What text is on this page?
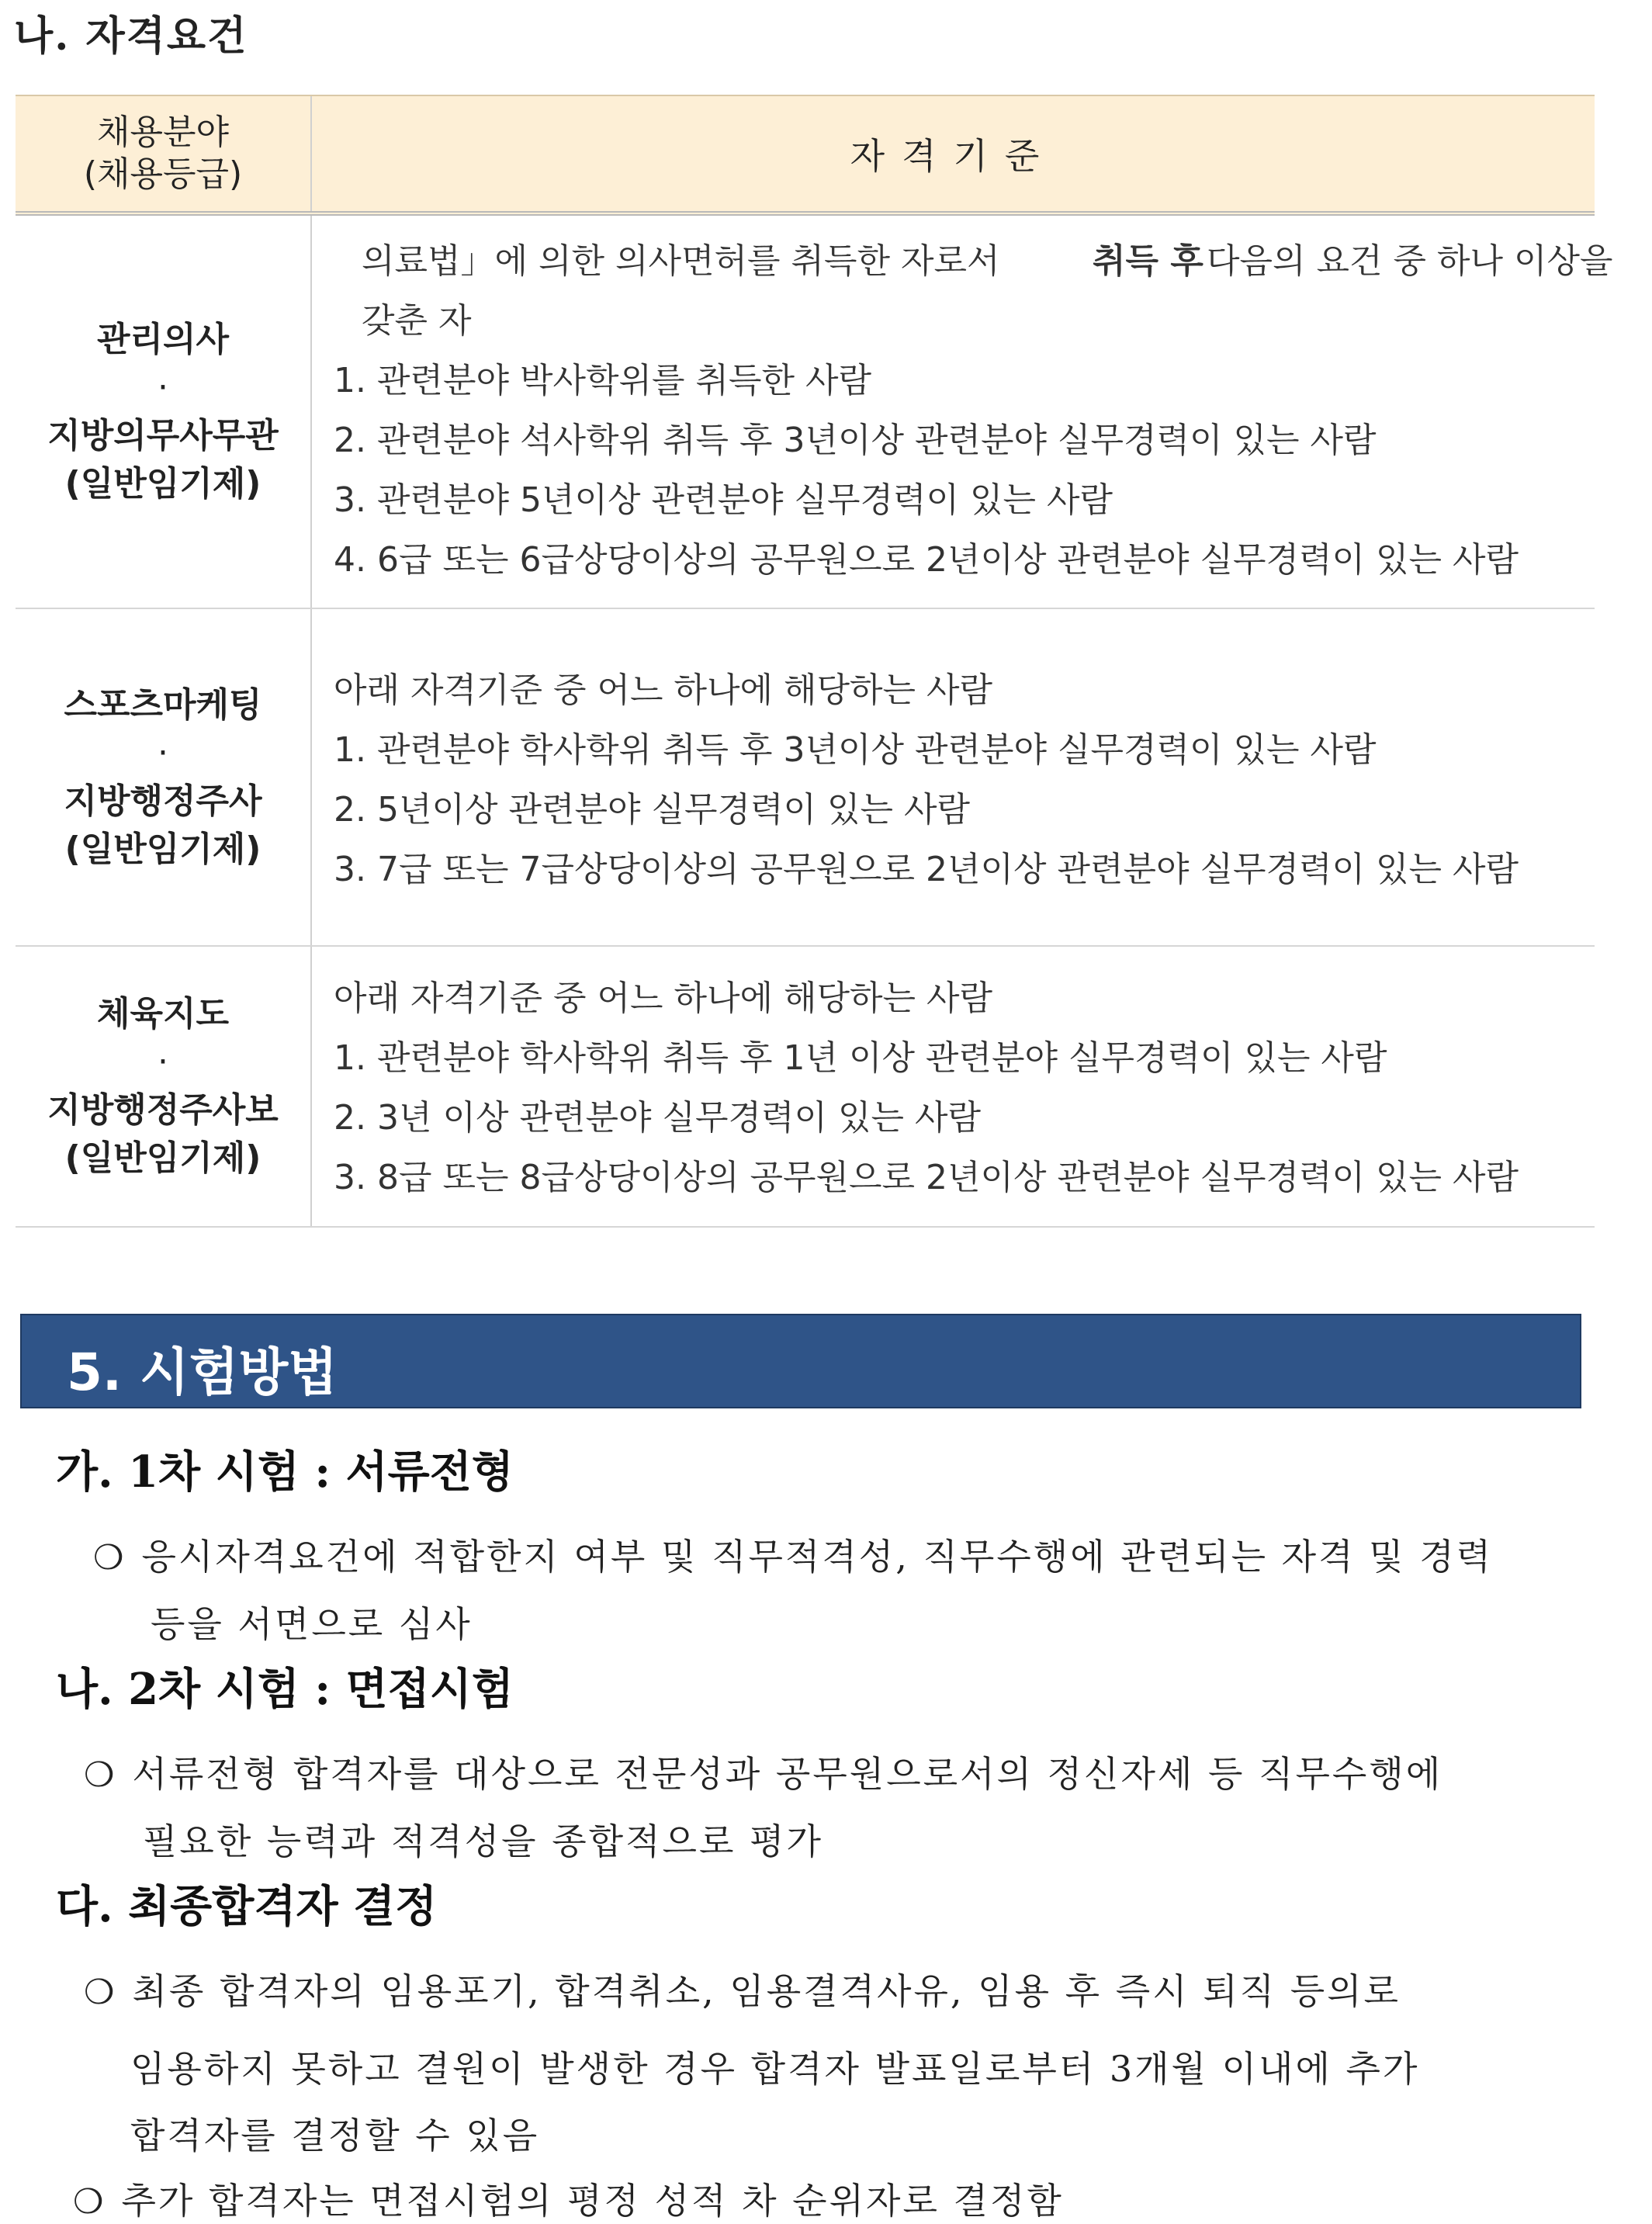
나. 자격요건
채용분야
(채용등급)	자격기준
관리의사
·
지방의무사무관
(일반임기제)
의료법」에 의한 의사면허를 취득한 자로서	취득 후 다음의 요건 중 하나 이상을
갖춘 자
1. 관련분야 박사학위를 취득한 사람
2. 관련분야 석사학위 취득 후 3년이상 관련분야 실무경력이 있는 사람
3. 관련분야 5년이상 관련분야 실무경력이 있는 사람
4. 6급 또는 6급상당이상의 공무원으로 2년이상 관련분야 실무경력이 있는 사람
스포츠마케팅
·
지방행정주사
(일반임기제)
아래 자격기준 중 어느 하나에 해당하는 사람
1. 관련분야 학사학위 취득 후 3년이상 관련분야 실무경력이 있는 사람
2. 5년이상 관련분야 실무경력이 있는 사람
3. 7급 또는 7급상당이상의 공무원으로 2년이상 관련분야 실무경력이 있는 사람
체육지도
·
지방행정주사보
(일반임기제)
아래 자격기준 중 어느 하나에 해당하는 사람
1. 관련분야 학사학위 취득 후 1년 이상 관련분야 실무경력이 있는 사람
2. 3년 이상 관련분야 실무경력이 있는 사람
3. 8급 또는 8급상당이상의 공무원으로 2년이상 관련분야 실무경력이 있는 사람
5. 시험방법
가. 1차 시험 : 서류전형
❍ 응시자격요건에 적합한지 여부 및 직무적격성, 직무수행에 관련되는 자격 및 경력
등을 서면으로 심사
나. 2차 시험 : 면접시험
❍ 서류전형 합격자를 대상으로 전문성과 공무원으로서의 정신자세 등 직무수행에
필요한 능력과 적격성을 종합적으로 평가
다. 최종합격자 결정
❍ 최종 합격자의 임용포기, 합격취소, 임용결격사유, 임용 후 즉시 퇴직 등의로
임용하지 못하고 결원이 발생한 경우 합격자 발표일로부터 3개월 이내에 추가
합격자를 결정할 수 있음
❍ 추가 합격자는 면접시험의 평정 성적 차 순위자로 결정함
